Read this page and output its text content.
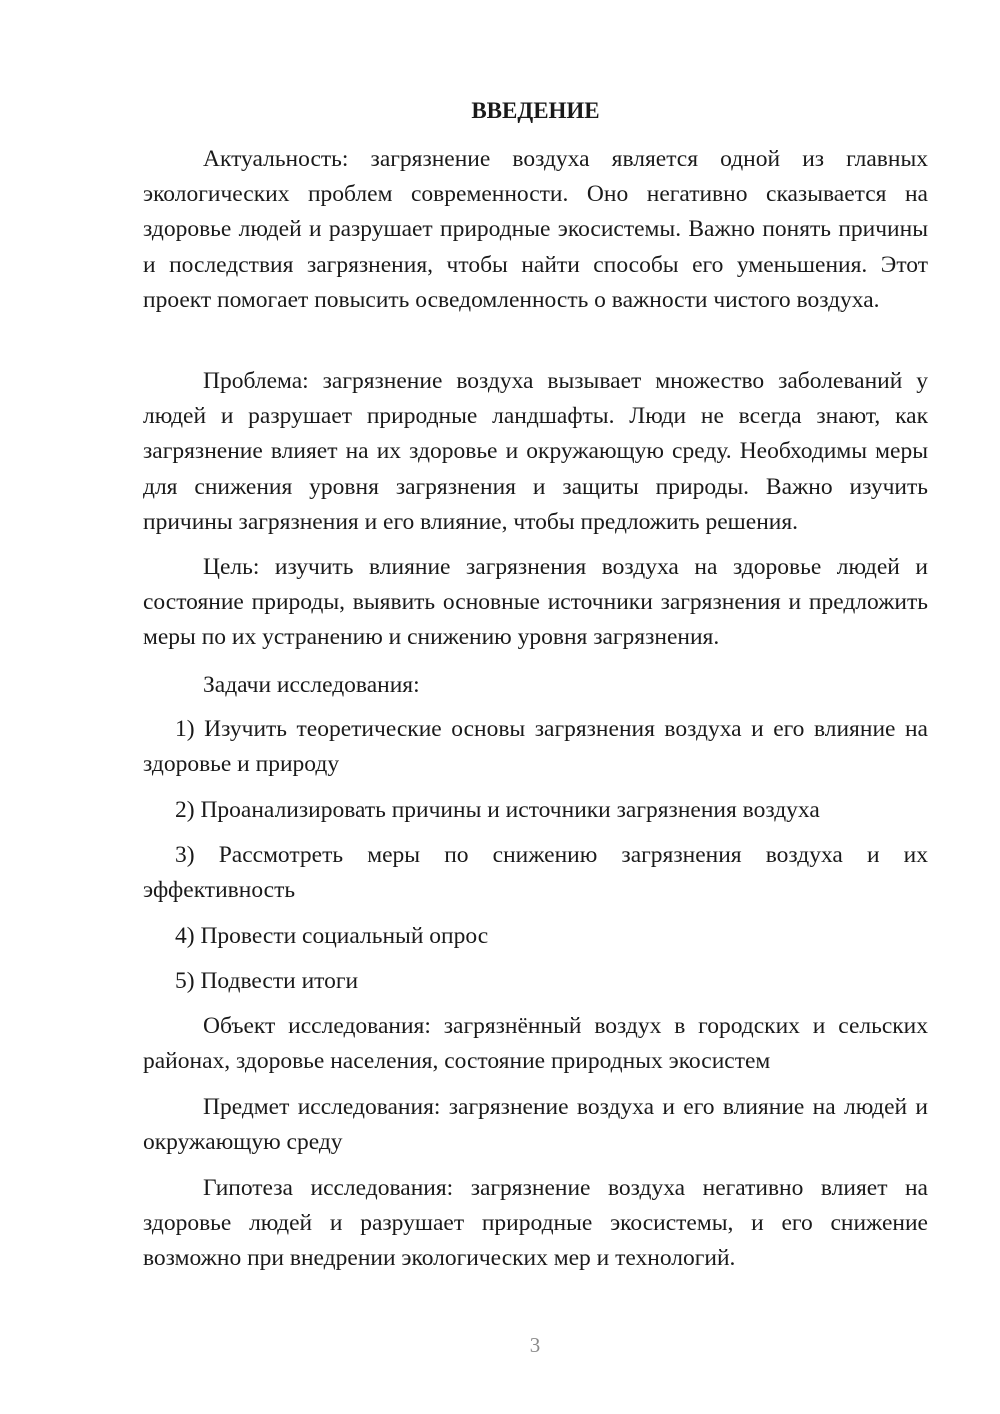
ВВЕДЕНИЕ

Актуальность: загрязнение воздуха является одной из главных экологических проблем современности. Оно негативно сказывается на здоровье людей и разрушает природные экосистемы. Важно понять причины и последствия загрязнения, чтобы найти способы его уменьшения. Этот проект помогает повысить осведомленность о важности чистого воздуха.

Проблема: загрязнение воздуха вызывает множество заболеваний у людей и разрушает природные ландшафты. Люди не всегда знают, как загрязнение влияет на их здоровье и окружающую среду. Необходимы меры для снижения уровня загрязнения и защиты природы. Важно изучить причины загрязнения и его влияние, чтобы предложить решения.

Цель: изучить влияние загрязнения воздуха на здоровье людей и состояние природы, выявить основные источники загрязнения и предложить меры по их устранению и снижению уровня загрязнения.

Задачи исследования:

1) Изучить теоретические основы загрязнения воздуха и его влияние на здоровье и природу

2) Проанализировать причины и источники загрязнения воздуха

3) Рассмотреть меры по снижению загрязнения воздуха и их эффективность

4) Провести социальный опрос

5) Подвести итоги

Объект исследования: загрязнённый воздух в городских и сельских районах, здоровье населения, состояние природных экосистем

Предмет исследования: загрязнение воздуха и его влияние на людей и окружающую среду

Гипотеза исследования: загрязнение воздуха негативно влияет на здоровье людей и разрушает природные экосистемы, и его снижение возможно при внедрении экологических мер и технологий.

3
